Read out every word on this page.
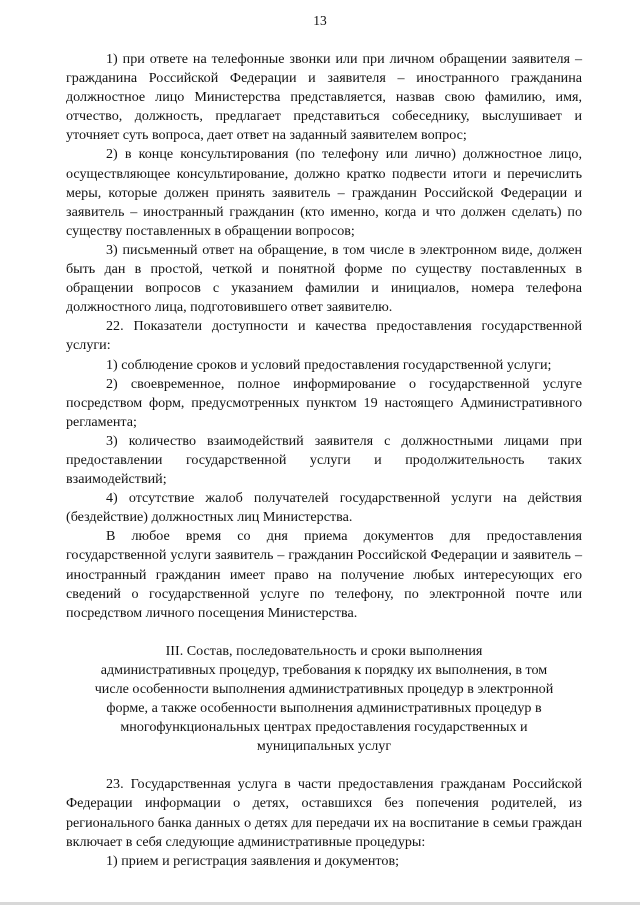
13

1) при ответе на телефонные звонки или при личном обращении заявителя – гражданина Российской Федерации и заявителя – иностранного гражданина должностное лицо Министерства представляется, назвав свою фамилию, имя, отчество, должность, предлагает представиться собеседнику, выслушивает и уточняет суть вопроса, дает ответ на заданный заявителем вопрос;

2) в конце консультирования (по телефону или лично) должностное лицо, осуществляющее консультирование, должно кратко подвести итоги и перечислить меры, которые должен принять заявитель – гражданин Российской Федерации и заявитель – иностранный гражданин (кто именно, когда и что должен сделать) по существу поставленных в обращении вопросов;

3) письменный ответ на обращение, в том числе в электронном виде, должен быть дан в простой, четкой и понятной форме по существу поставленных в обращении вопросов с указанием фамилии и инициалов, номера телефона должностного лица, подготовившего ответ заявителю.

22. Показатели доступности и качества предоставления государственной услуги:

1) соблюдение сроков и условий предоставления государственной услуги;

2) своевременное, полное информирование о государственной услуге посредством форм, предусмотренных пунктом 19 настоящего Административного регламента;

3) количество взаимодействий заявителя с должностными лицами при предоставлении государственной услуги и продолжительность таких взаимодействий;

4) отсутствие жалоб получателей государственной услуги на действия (бездействие) должностных лиц Министерства.

В любое время со дня приема документов для предоставления государственной услуги заявитель – гражданин Российской Федерации и заявитель – иностранный гражданин имеет право на получение любых интересующих его сведений о государственной услуге по телефону, по электронной почте или посредством личного посещения Министерства.

III. Состав, последовательность и сроки выполнения
административных процедур, требования к порядку их выполнения, в том
числе особенности выполнения административных процедур в электронной
форме, а также особенности выполнения административных процедур в
многофункциональных центрах предоставления государственных и
муниципальных услуг

23. Государственная услуга в части предоставления гражданам Российской Федерации информации о детях, оставшихся без попечения родителей, из регионального банка данных о детях для передачи их на воспитание в семьи граждан включает в себя следующие административные процедуры:

1) прием и регистрация заявления и документов;
